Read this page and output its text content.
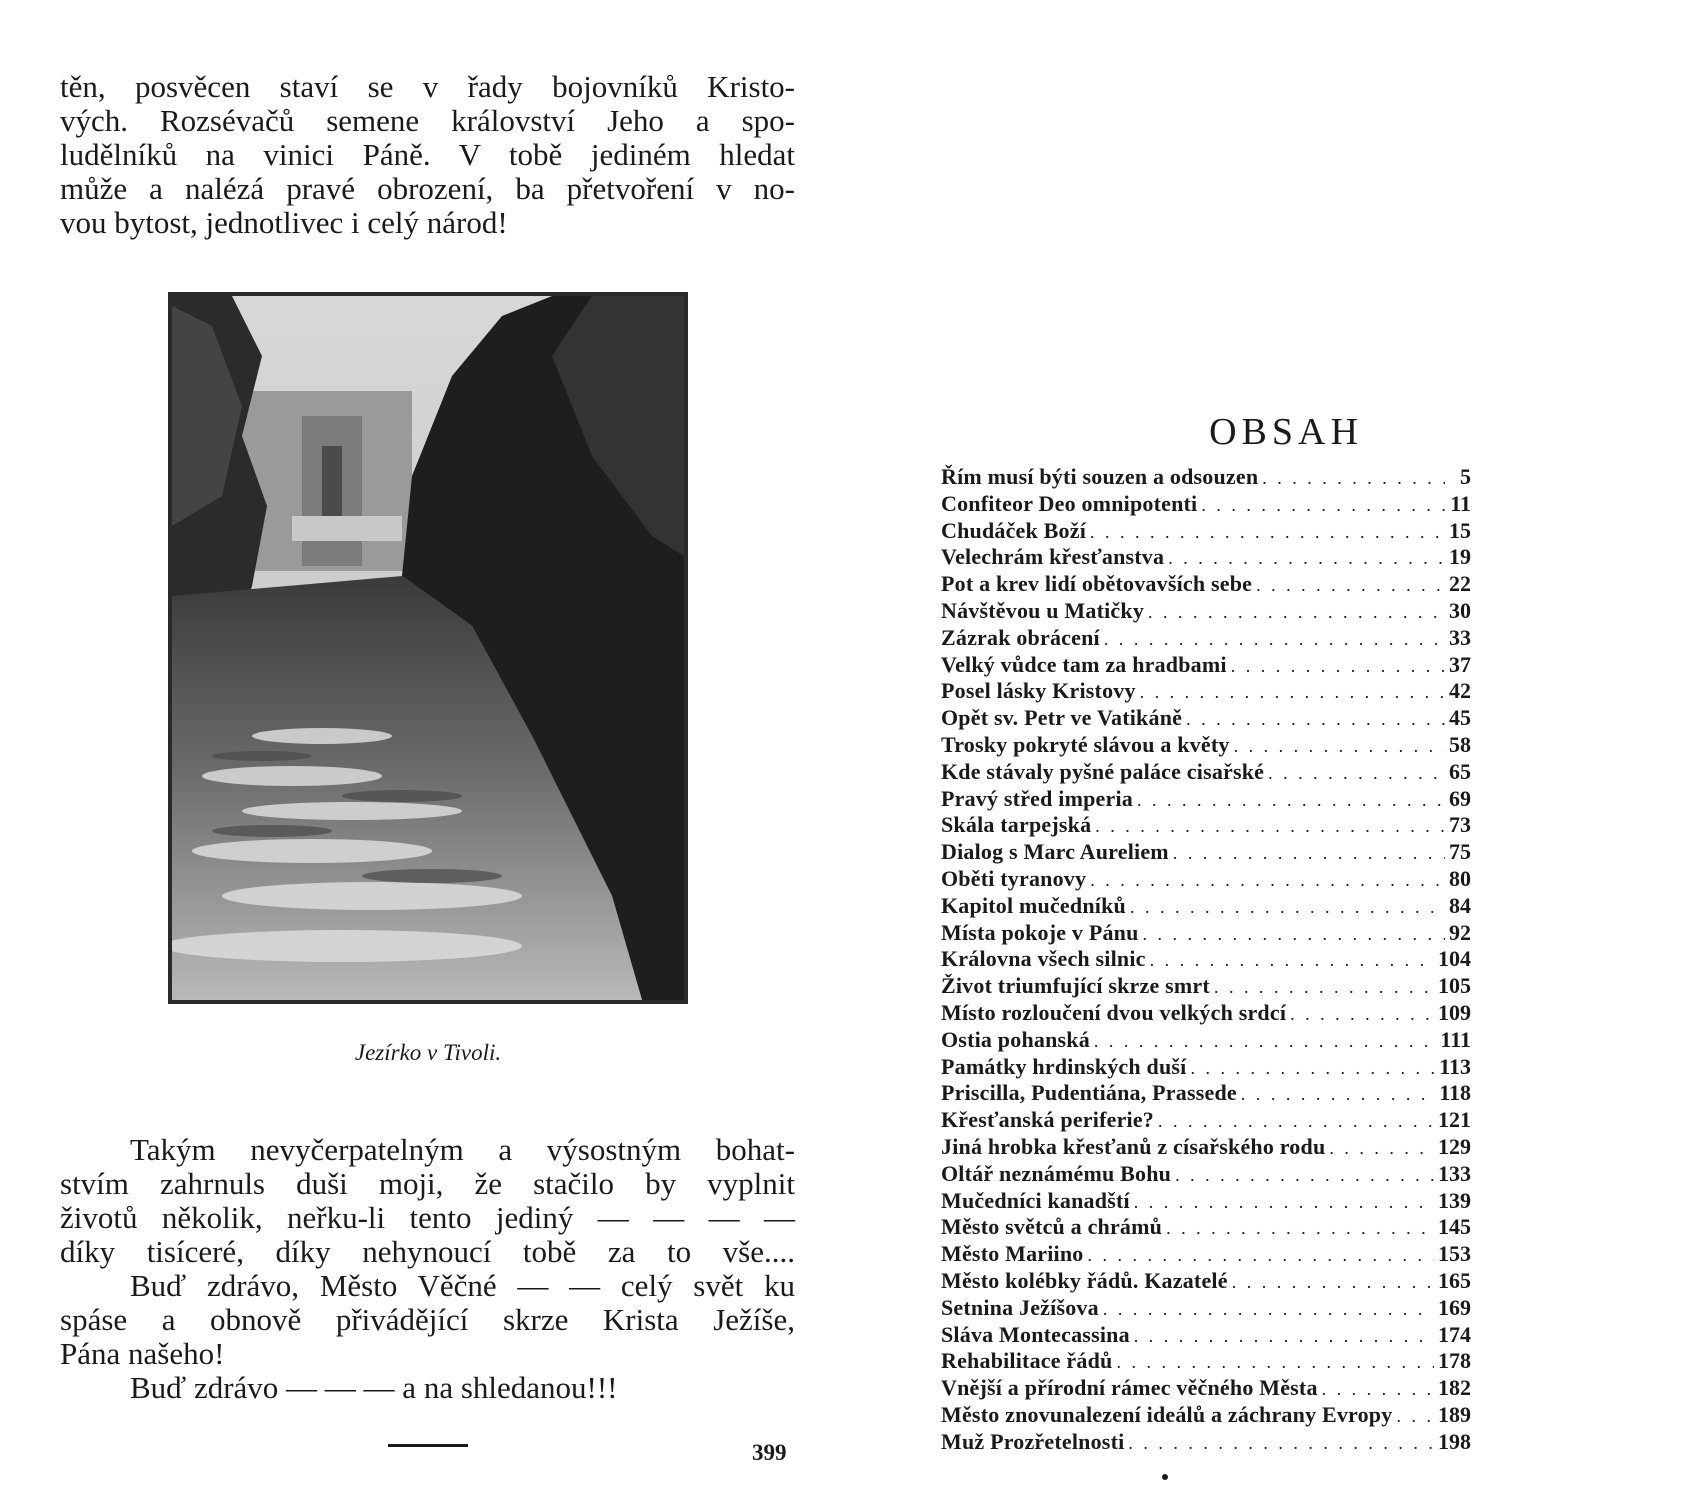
těn, posvěcen staví se v řady bojovníků Kristo-
vých. Rozsévačů semene království Jeho a spo-
ludělníků na vinici Páně. V tobě jediném hledat
může a nalézá pravé obrození, ba přetvoření v no-
vou bytost, jednotlivec i celý národ!

Jezírko v Tivoli.

Takým nevyčerpatelným a výsostným bohat-
stvím zahrnuls duši moji, že stačilo by vyplnit
životů několik, neřku-li tento jediný — — — —
díky tisíceré, díky nehynoucí tobě za to vše....
Buď zdrávo, Město Věčné — — celý svět ku
spáse a obnově přivádějící skrze Krista Ježíše,
Pána našeho!
Buď zdrávo — — — a na shledanou!!!

399
OBSAH
Řím musí býti souzen a odsouzen . . .	5
Confiteor Deo omnipotenti . . .	11
Chudáček Boží . . .	15
Velechrám křesťanstva . . .	19
Pot a krev lidí obětovavších sebe . . .	22
Návštěvou u Matičky . . .	30
Zázrak obrácení . . .	33
Velký vůdce tam za hradbami . . .	37
Posel lásky Kristovy . . .	42
Opět sv. Petr ve Vatikáně . . .	45
Trosky pokryté slávou a květy . . .	58
Kde stávaly pyšné paláce cisařské . . .	65
Pravý střed imperia . . .	69
Skála tarpejská . . .	73
Dialog s Marc Aureliem . . .	75
Oběti tyranovy . . .	80
Kapitol mučedníků . . .	84
Místa pokoje v Pánu . . .	92
Královna všech silnic . . .	104
Život triumfující skrze smrt . . .	105
Místo rozloučení dvou velkých srdcí . . .	109
Ostia pohanská . . .	111
Památky hrdinských duší . . .	113
Priscilla, Pudentiána, Prassede . . .	118
Křesťanská periferie? . . .	121
Jiná hrobka křesťanů z císařského rodu . . .	129
Oltář neznámému Bohu . . .	133
Mučedníci kanadští . . .	139
Město světců a chrámů . . .	145
Město Mariino . . .	153
Město kolébky řádů. Kazatelé . . .	165
Setnina Ježíšova . . .	169
Sláva Montecassina . . .	174
Rehabilitace řádů . . .	178
Vnější a přírodní rámec věčného Města . . .	182
Město znovunalezení ideálů a záchrany Evropy . . . 189
Muž Prozřetelnosti . . .	198
